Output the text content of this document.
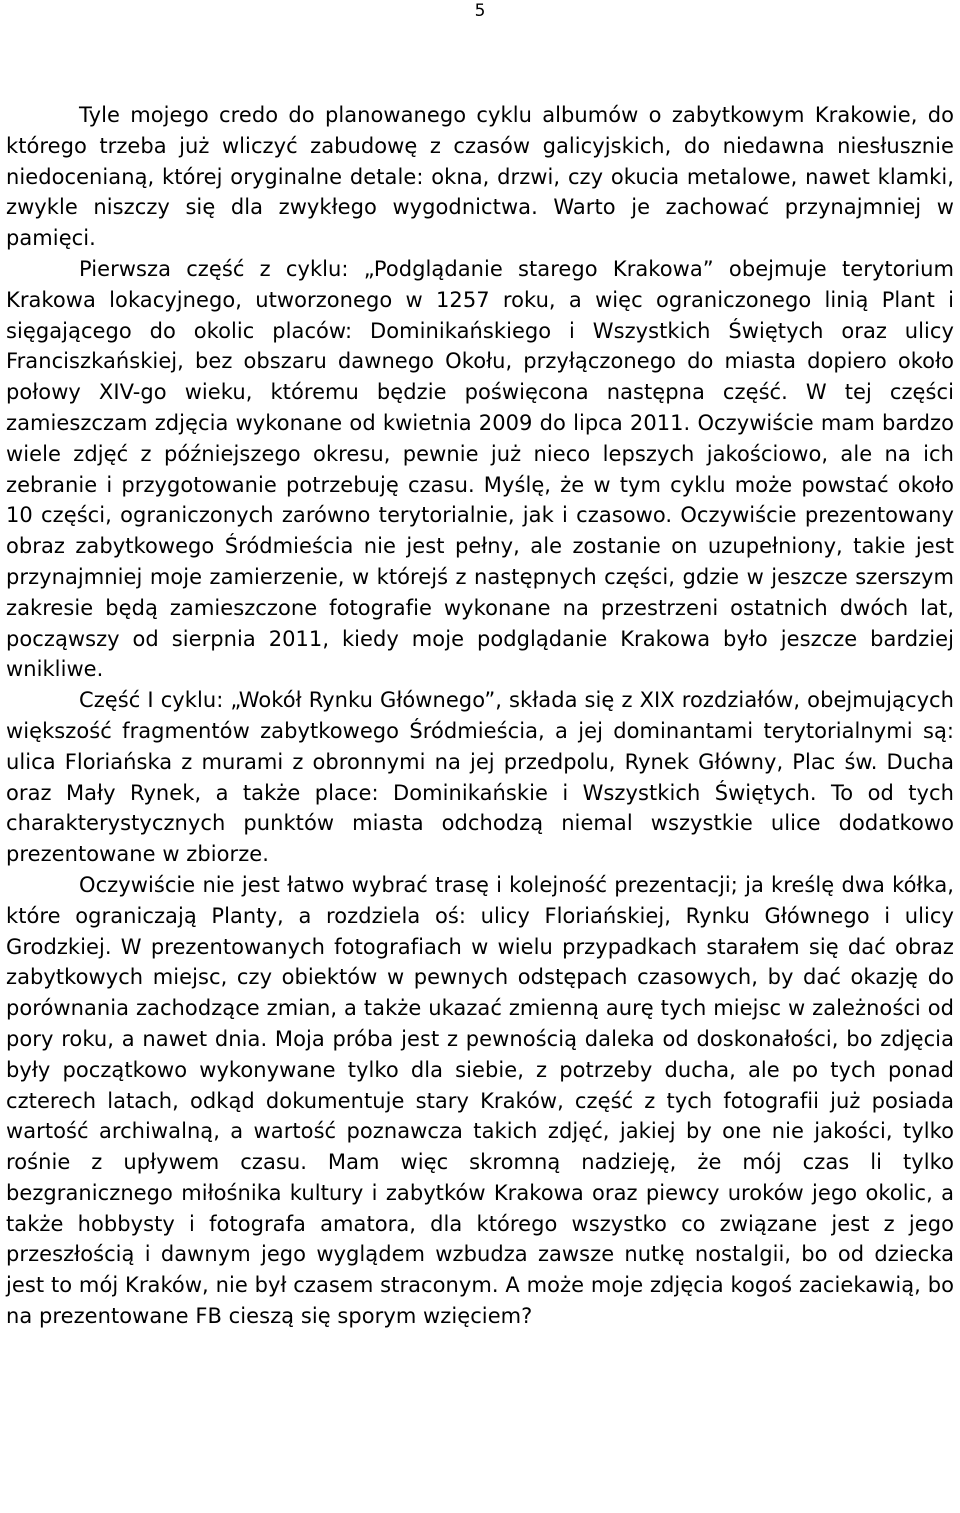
5

Tyle mojego credo do planowanego cyklu albumów o zabytkowym Krakowie, do którego trzeba już wliczyć zabudowę z czasów galicyjskich, do niedawna niesłusznie niedocenianą, której oryginalne detale: okna, drzwi, czy okucia metalowe, nawet klamki, zwykle niszczy się dla zwykłego wygodnictwa. Warto je zachować przynajmniej w pamięci.

Pierwsza część z cyklu: „Podglądanie starego Krakowa” obejmuje terytorium Krakowa lokacyjnego, utworzonego w 1257 roku, a więc ograniczonego linią Plant i sięgającego do okolic placów: Dominikańskiego i Wszystkich Świętych oraz ulicy Franciszkańskiej, bez obszaru dawnego Okołu, przyłączonego do miasta dopiero około połowy XIV-go wieku, któremu będzie poświęcona następna część. W tej części zamieszczam zdjęcia wykonane od kwietnia 2009 do lipca 2011. Oczywiście mam bardzo wiele zdjęć z późniejszego okresu, pewnie już nieco lepszych jakościowo, ale na ich zebranie i przygotowanie potrzebuję czasu. Myślę, że w tym cyklu może powstać około 10 części, ograniczonych zarówno terytorialnie, jak i czasowo. Oczywiście prezentowany obraz zabytkowego Śródmieścia nie jest pełny, ale zostanie on uzupełniony, takie jest przynajmniej moje zamierzenie, w którejś z następnych części, gdzie w jeszcze szerszym zakresie będą zamieszczone fotografie wykonane na przestrzeni ostatnich dwóch lat, począwszy od sierpnia 2011, kiedy moje podglądanie Krakowa było jeszcze bardziej wnikliwe.

Część I cyklu: „Wokół Rynku Głównego”, składa się z XIX rozdziałów, obejmujących większość fragmentów zabytkowego Śródmieścia, a jej dominantami terytorialnymi są: ulica Floriańska z murami z obronnymi na jej przedpolu, Rynek Główny, Plac św. Ducha oraz Mały Rynek, a także place: Dominikańskie i Wszystkich Świętych. To od tych charakterystycznych punktów miasta odchodzą niemal wszystkie ulice dodatkowo prezentowane w zbiorze.

Oczywiście nie jest łatwo wybrać trasę i kolejność prezentacji; ja kreślę dwa kółka, które ograniczają Planty, a rozdziela oś: ulicy Floriańskiej, Rynku Głównego i ulicy Grodzkiej. W prezentowanych fotografiach w wielu przypadkach starałem się dać obraz zabytkowych miejsc, czy obiektów w pewnych odstępach czasowych, by dać okazję do porównania zachodzące zmian, a także ukazać zmienną aurę tych miejsc w zależności od pory roku, a nawet dnia. Moja próba jest z pewnością daleka od doskonałości, bo zdjęcia były początkowo wykonywane tylko dla siebie, z potrzeby ducha, ale po tych ponad czterech latach, odkąd dokumentuje stary Kraków, część z tych fotografii już posiada wartość archiwalną, a wartość poznawcza takich zdjęć, jakiej by one nie jakości, tylko rośnie z upływem czasu. Mam więc skromną nadzieję, że mój czas li tylko bezgranicznego miłośnika kultury i zabytków Krakowa oraz piewcy uroków jego okolic, a także hobbysty i fotografa amatora, dla którego wszystko co związane jest z jego przeszłością i dawnym jego wyglądem wzbudza zawsze nutkę nostalgii, bo od dziecka jest to mój Kraków, nie był czasem straconym. A może moje zdjęcia kogoś zaciekawią, bo na prezentowane FB cieszą się sporym wzięciem?
